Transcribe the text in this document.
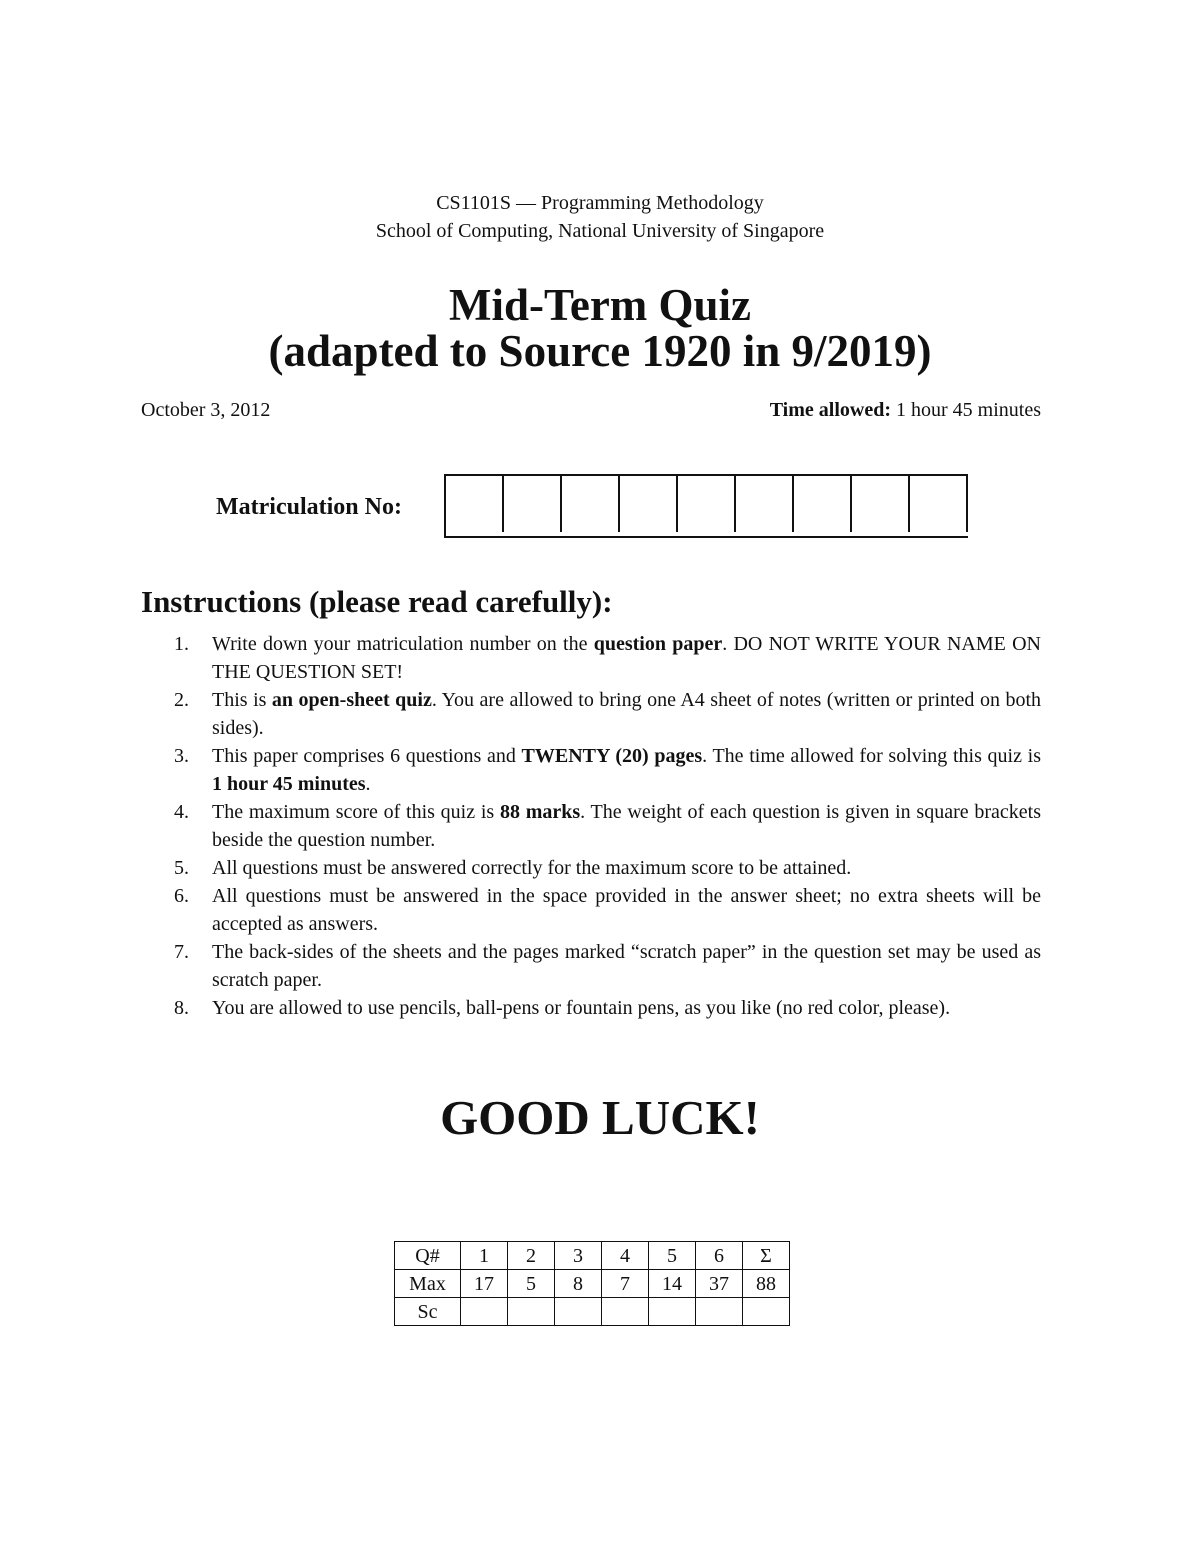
CS1101S — Programming Methodology
School of Computing, National University of Singapore
Mid-Term Quiz
(adapted to Source 1920 in 9/2019)
October 3, 2012	Time allowed: 1 hour 45 minutes
Matriculation No:
Instructions (please read carefully):
1. Write down your matriculation number on the question paper. DO NOT WRITE YOUR NAME ON THE QUESTION SET!
2. This is an open-sheet quiz. You are allowed to bring one A4 sheet of notes (written or printed on both sides).
3. This paper comprises 6 questions and TWENTY (20) pages. The time allowed for solving this quiz is 1 hour 45 minutes.
4. The maximum score of this quiz is 88 marks. The weight of each question is given in square brackets beside the question number.
5. All questions must be answered correctly for the maximum score to be attained.
6. All questions must be answered in the space provided in the answer sheet; no extra sheets will be accepted as answers.
7. The back-sides of the sheets and the pages marked “scratch paper” in the question set may be used as scratch paper.
8. You are allowed to use pencils, ball-pens or fountain pens, as you like (no red color, please).
GOOD LUCK!
Q#	1	2	3	4	5	6	Σ
Max	17	5	8	7	14	37	88
Sc							
